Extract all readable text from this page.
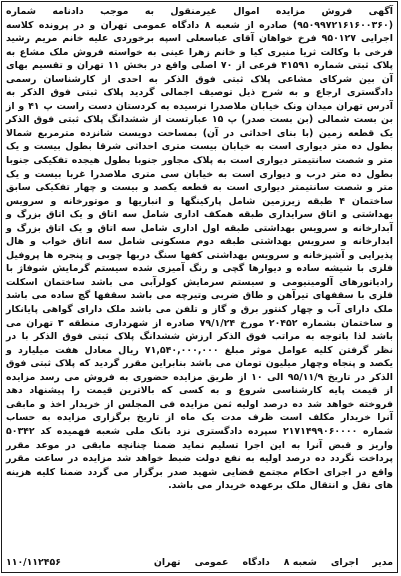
آگهی فروش مزایده اموال غیرمنقول به موجب دادنامه شماره (۹۵۰۹۹۷۲۱۶۱۶۰۰۳۶۰) صادره از شعبه ۸ دادگاه عمومی تهران و در پرونده کلاسه اجرایی ۹۵۰۱۲۷ فرخ خواهان آقای عباسعلی اسپه برخوردی علیه خانم مریم رشید فرخی با وکالت ثریا منیری کیا و خانم زهرا عینی به خواسته فروش ملک مشاع به پلاک ثبتی شماره ۴۱۵۹۱ فرعی از ۷۰ اصلی واقع در بخش ۱۱ تهران و تقسیم بهای آن بین شرکای مشاعی پلاک ثبتی فوق الذکر به احدی از کارشناسان رسمی دادگستری ارجاع و به شرح ذیل توصیف اجمالی گردید پلاک ثبتی فوق الذکر به آدرس تهران میدان ونک خیابان ملاصدرا نرسیده به کردستان دست راست پ ۴۱ و از بن بست شمالی (بن بست صدر) پ ۱۵ عبارتست از ششدانگ پلاک ثبتی فوق الذکر یک قطعه زمین (با بنای احداثی در آن) بمساحت دویست شانزده مترمربع شمالا بطول ده متر دیواری است به خیابان بیست متری احداثی شرقا بطول بیست و یک متر و شصت سانتیمتر دیواری است به پلاک مجاور جنوبا بطول هیجده تفکیکی جنوبا بطول ده متر درب و دیواری است به خیابان سی متری ملاصدرا غربا بیست و یک متر و شصت سانتیمتر دیواری است به قطعه یکصد و بیست و چهار تفکیکی سابق ساختمان ۴ طبقه زیرزمین شامل پارکینگها و انباریها و موتورخانه و سرویس بهداشتی و اتاق سرایداری طبقه همکف اداری شامل سه اتاق و یک اتاق بزرگ و آبدارخانه و سرویس بهداشتی طبقه اول اداری شامل سه اتاق و یک اتاق بزرگ و ابدارخانه و سرویس بهداشتی طبقه دوم مسکونی شامل سه اتاق خواب و هال پذیرایی و آشپزخانه و سرویس بهداشتی کفها سنگ دربها چوبی و پنجره ها پروفیل فلزی با شیشه ساده و دیوارها گچی و رنگ آمیزی شده سیستم گرمایش شوفاژ با رادیاتورهای آلومینیومی و سیستم سرمایش کولرآبی می باشد ساختمان اسکلت فلزی با سقفهای تیرآهن و طاق ضربی وتیرچه می باشد سقفها گچ ساده می باشد ملک دارای آب و چهار کنتور برق و گاز و تلفن می باشد ملک دارای گواهی پایانکار و ساختمان بشماره ۲۰۴۵۲ مورخ ۷۹/۱/۲۴ صادره از شهرداری منطقه ۳ تهران می باشد لذا باتوجه به مراتب فوق الذکر ارزش ششدانگ پلاک ثبتی فوق الذکر با در نظر گرفتن کلیه عوامل موثر مبلغ ۷۱,۵۴۰,۰۰۰,۰۰۰ ریال معادل هفت میلیارد و یکصد و پنجاه وچهار میلیون تومان می باشد بنابراین مقرر گردید که پلاک ثبتی فوق الذکر در تاریخ ۹۵/۱۱/۹ الی ۱۰ از طریق مزایده حضوری به فروش می رسد مزایده از قیمت پایه کارشناسی شروع و به کسی که بالاترین قیمت را پیشنهاد دهد فروخته خواهد شد ده درصد اولیه ثمن مزایده فی المجلس از خریدار اخذ و مابقی آنرا خریدار مکلف است ظرف مدت یک ماه از تاریخ برگزاری مزایده به حساب شماره ۲۱۷۱۴۹۹۰۶۰۰۰۰ سپرده دادگستری نزد بانک ملی شعبه فهمیده کد ۵۰۳۴۲ واریز و قبض آنرا به این اجرا تسلیم نماید ضمنا چنانچه مابقی در موعد مقرر پرداخت نگردد ده درصد اولیه به نفع دولت ضبط خواهد شد مزایده در ساعت مقرر واقع در اجرای احکام مجتمع قضایی شهید صدر برگزار می گردد ضمنا کلیه هزینه های نقل و انتقال ملک برعهده خریدار می باشد.

مدیر
اجرای
شعبه ۸
دادگاه
عمومی
تهران
۱۱۰/۱۱۲۴۵۶
